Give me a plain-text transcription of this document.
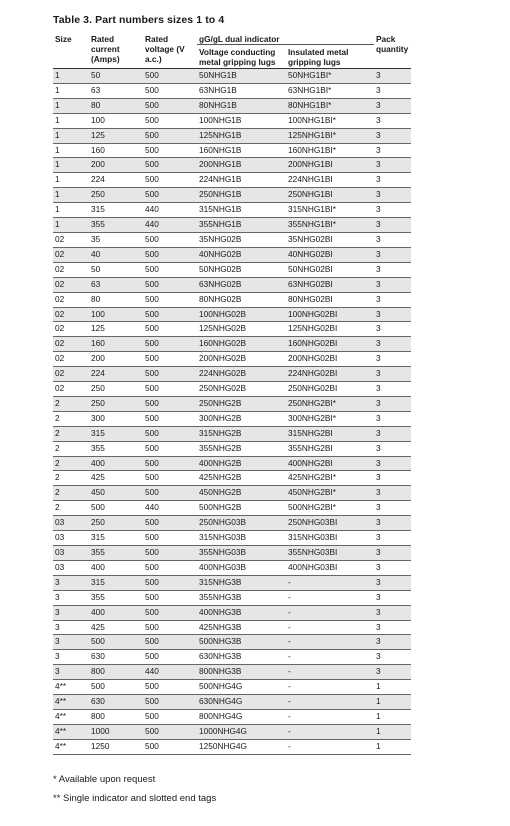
Table 3. Part numbers sizes 1 to 4
Size	Rated current (Amps)	Rated voltage (V a.c.)	gG/gL dual indicator		Pack quantity
			Voltage conducting metal gripping lugs	Insulated metal gripping lugs	
1	50	500	50NHG1B	50NHG1BI*	3
1	63	500	63NHG1B	63NHG1BI*	3
1	80	500	80NHG1B	80NHG1BI*	3
1	100	500	100NHG1B	100NHG1BI*	3
1	125	500	125NHG1B	125NHG1BI*	3
1	160	500	160NHG1B	160NHG1BI*	3
1	200	500	200NHG1B	200NHG1BI	3
1	224	500	224NHG1B	224NHG1BI	3
1	250	500	250NHG1B	250NHG1BI	3
1	315	440	315NHG1B	315NHG1BI*	3
1	355	440	355NHG1B	355NHG1BI*	3
02	35	500	35NHG02B	35NHG02BI	3
02	40	500	40NHG02B	40NHG02BI	3
02	50	500	50NHG02B	50NHG02BI	3
02	63	500	63NHG02B	63NHG02BI	3
02	80	500	80NHG02B	80NHG02BI	3
02	100	500	100NHG02B	100NHG02BI	3
02	125	500	125NHG02B	125NHG02BI	3
02	160	500	160NHG02B	160NHG02BI	3
02	200	500	200NHG02B	200NHG02BI	3
02	224	500	224NHG02B	224NHG02BI	3
02	250	500	250NHG02B	250NHG02BI	3
2	250	500	250NHG2B	250NHG2BI*	3
2	300	500	300NHG2B	300NHG2BI*	3
2	315	500	315NHG2B	315NHG2BI	3
2	355	500	355NHG2B	355NHG2BI	3
2	400	500	400NHG2B	400NHG2BI	3
2	425	500	425NHG2B	425NHG2BI*	3
2	450	500	450NHG2B	450NHG2BI*	3
2	500	440	500NHG2B	500NHG2BI*	3
03	250	500	250NHG03B	250NHG03BI	3
03	315	500	315NHG03B	315NHG03BI	3
03	355	500	355NHG03B	355NHG03BI	3
03	400	500	400NHG03B	400NHG03BI	3
3	315	500	315NHG3B	-	3
3	355	500	355NHG3B	-	3
3	400	500	400NHG3B	-	3
3	425	500	425NHG3B	-	3
3	500	500	500NHG3B	-	3
3	630	500	630NHG3B	-	3
3	800	440	800NHG3B	-	3
4**	500	500	500NHG4G	-	1
4**	630	500	630NHG4G	-	1
4**	800	500	800NHG4G	-	1
4**	1000	500	1000NHG4G	-	1
4**	1250	500	1250NHG4G	-	1
* Available upon request
** Single indicator and slotted end tags
